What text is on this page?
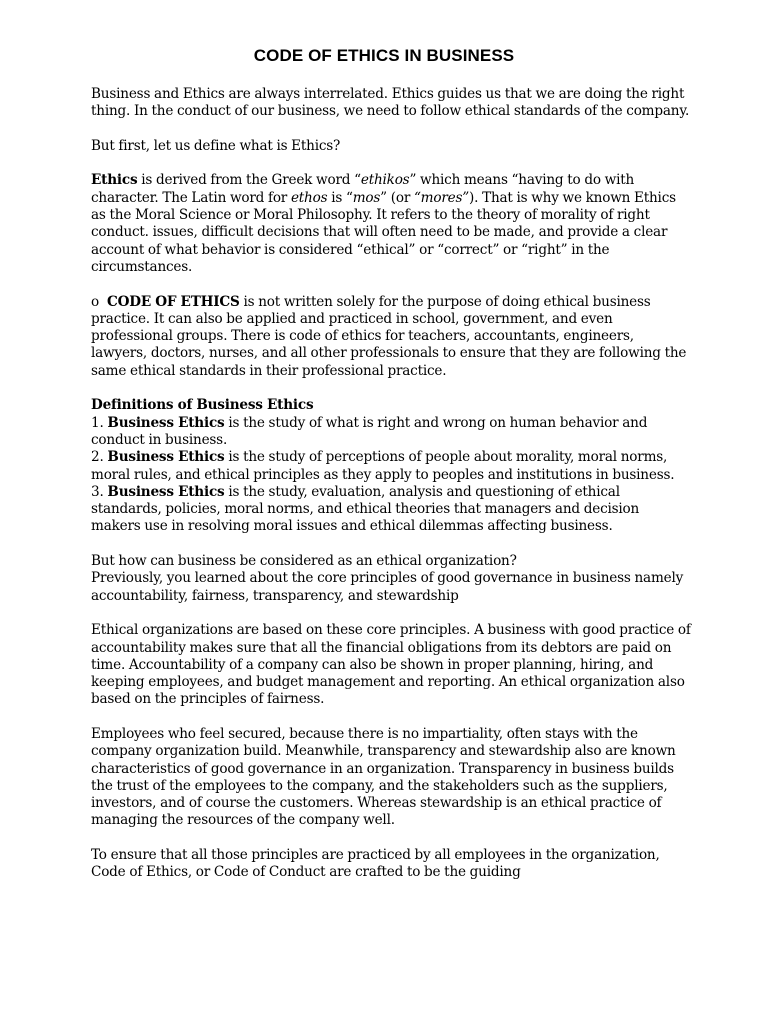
CODE OF ETHICS IN BUSINESS

Business and Ethics are always interrelated. Ethics guides us that we are doing the right thing. In the conduct of our business, we need to follow ethical standards of the company.

But first, let us define what is Ethics?

Ethics is derived from the Greek word “ethikos” which means “having to do with character. The Latin word for ethos is “mos” (or “mores”). That is why we known Ethics as the Moral Science or Moral Philosophy. It refers to the theory of morality of right conduct. issues, difficult decisions that will often need to be made, and provide a clear account of what behavior is considered “ethical” or “correct” or “right” in the circumstances.

o CODE OF ETHICS is not written solely for the purpose of doing ethical business practice. It can also be applied and practiced in school, government, and even professional groups. There is code of ethics for teachers, accountants, engineers, lawyers, doctors, nurses, and all other professionals to ensure that they are following the same ethical standards in their professional practice.

Definitions of Business Ethics

1. Business Ethics is the study of what is right and wrong on human behavior and conduct in business.

2. Business Ethics is the study of perceptions of people about morality, moral norms, moral rules, and ethical principles as they apply to peoples and institutions in business.

3. Business Ethics is the study, evaluation, analysis and questioning of ethical standards, policies, moral norms, and ethical theories that managers and decision makers use in resolving moral issues and ethical dilemmas affecting business.

But how can business be considered as an ethical organization?

Previously, you learned about the core principles of good governance in business namely accountability, fairness, transparency, and stewardship

Ethical organizations are based on these core principles. A business with good practice of accountability makes sure that all the financial obligations from its debtors are paid on time. Accountability of a company can also be shown in proper planning, hiring, and keeping employees, and budget management and reporting. An ethical organization also based on the principles of fairness.

Employees who feel secured, because there is no impartiality, often stays with the company organization build. Meanwhile, transparency and stewardship also are known characteristics of good governance in an organization. Transparency in business builds the trust of the employees to the company, and the stakeholders such as the suppliers, investors, and of course the customers. Whereas stewardship is an ethical practice of managing the resources of the company well.

To ensure that all those principles are practiced by all employees in the organization, Code of Ethics, or Code of Conduct are crafted to be the guiding
